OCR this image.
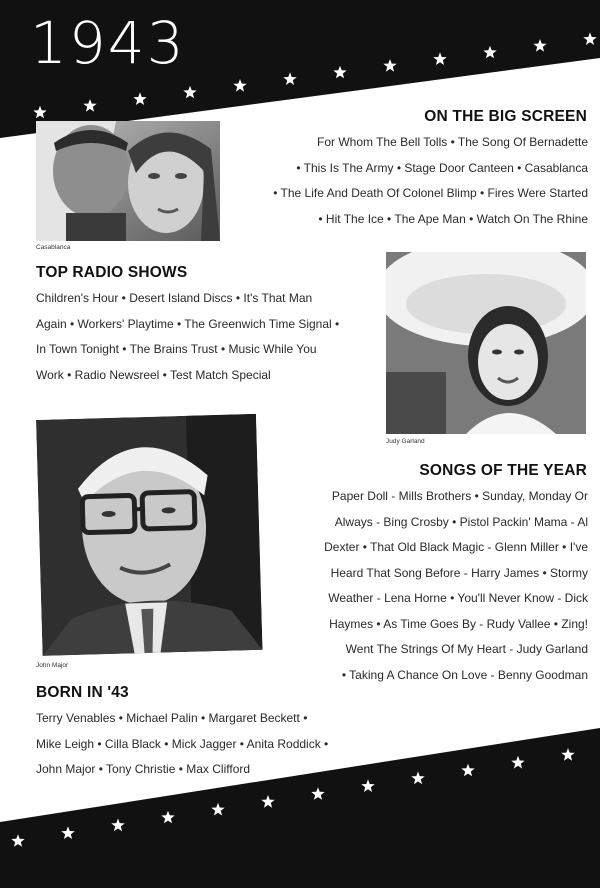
1943
ON THE BIG SCREEN
For Whom The Bell Tolls • The Song Of Bernadette
• This Is The Army • Stage Door Canteen • Casablanca
• The Life And Death Of Colonel Blimp • Fires Were Started
• Hit The Ice • The Ape Man • Watch On The Rhine
Casablanca
TOP RADIO SHOWS
Children's Hour • Desert Island Discs • It's That Man
Again • Workers' Playtime • The Greenwich Time Signal •
In Town Tonight • The Brains Trust • Music While You
Work • Radio Newsreel • Test Match Special
Judy Garland
John Major
SONGS OF THE YEAR
Paper Doll - Mills Brothers • Sunday, Monday Or
Always - Bing Crosby • Pistol Packin' Mama - Al
Dexter • That Old Black Magic - Glenn Miller • I've
Heard That Song Before - Harry James • Stormy
Weather - Lena Horne • You'll Never Know - Dick
Haymes • As Time Goes By - Rudy Vallee • Zing!
Went The Strings Of My Heart - Judy Garland
• Taking A Chance On Love - Benny Goodman
BORN IN '43
Terry Venables • Michael Palin • Margaret Beckett •
Mike Leigh • Cilla Black • Mick Jagger • Anita Roddick •
John Major • Tony Christie • Max Clifford
